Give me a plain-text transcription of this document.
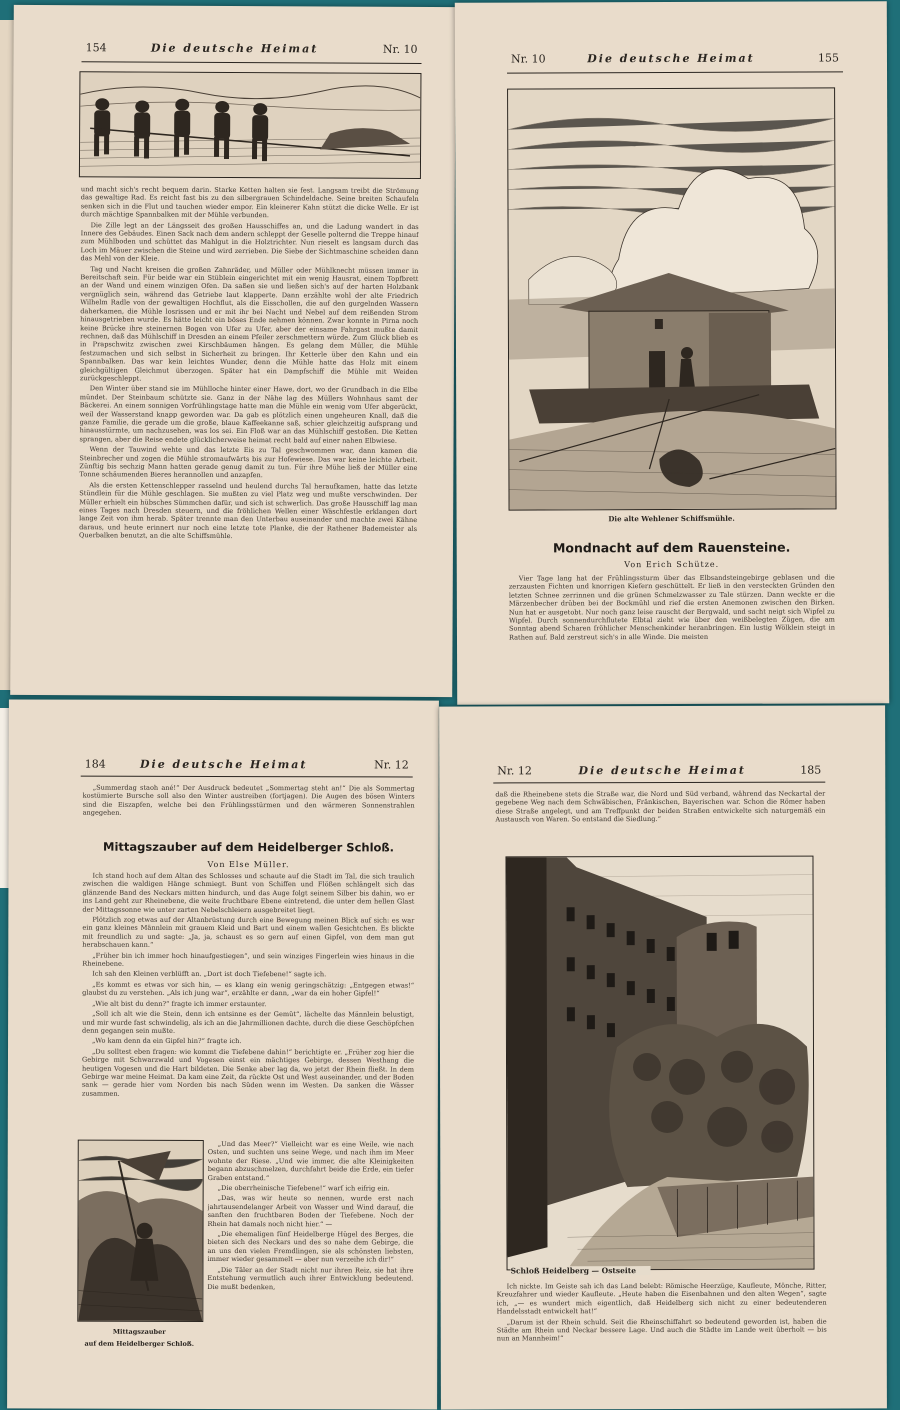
154	Die deutsche Heimat	Nr. 10

und macht sich's recht bequem darin. Starke Ketten halten sie fest. Langsam treibt die Strömung das gewaltige Rad. Es reicht fast bis zu den silbergrauen Schindeldache. Seine breiten Schaufeln senken sich in die Flut und tauchen wieder empor. Ein kleinerer Kahn stützt die dicke Welle. Er ist durch mächtige Spannbalken mit der Mühle verbunden.

Die Zille legt an der Längsseit des großen Hausschiffes an, und die Ladung wandert in das Innere des Gebäudes. Einen Sack nach dem andern schleppt der Geselle polternd die Treppe hinauf zum Mühlboden und schüttet das Mahlgut in die Holztrichter. Nun rieselt es langsam durch das Loch im Mäuer zwischen die Steine und wird zerrieben. Die Siebe der Sichtmaschine scheiden dann das Mehl von der Kleie.

Tag und Nacht kreisen die großen Zahnräder, und Müller oder Mühlknecht müssen immer in Bereitschaft sein. Für beide war ein Stüblein eingerichtet mit ein wenig Hausrat, einem Topfbrett an der Wand und einem winzigen Ofen. Da saßen sie und ließen sich's auf der harten Holzbank vergnüglich sein, während das Getriebe laut klapperte. Dann erzählte wohl der alte Friedrich Wilhelm Radle von der gewaltigen Hochflut, als die Eisschollen, die auf den gurgelnden Wassern daherkamen, die Mühle losrissen und er mit ihr bei Nacht und Nebel auf dem reißenden Strom hinausgetrieben wurde. Es hätte leicht ein böses Ende nehmen können. Zwar konnte in Pirna noch keine Brücke ihre steinernen Bogen von Ufer zu Ufer, aber der einsame Fahrgast mußte damit rechnen, daß das Mühlschiff in Dresden an einem Pfeiler zerschmettern würde. Zum Glück blieb es in Prapschwitz zwischen zwei Kirschbäumen hängen. Es gelang dem Müller, die Mühle festzumachen und sich selbst in Sicherheit zu bringen. Ihr Ketterle über den Kahn und ein Spannbalken. Das war kein leichtes Wunder, denn die Mühle hatte das Holz mit einem gleichgültigen Gleichmut überzogen. Später hat ein Dampfschiff die Mühle mit Weiden zurückgeschleppt.

Den Winter über stand sie im Mühlloche hinter einer Hawe, dort, wo der Grundbach in die Elbe mündet. Der Steinbaum schützte sie. Ganz in der Nähe lag des Müllers Wohnhaus samt der Bäckerei. An einem sonnigen Vorfrühlingstage hatte man die Mühle ein wenig vom Ufer abgerückt, weil der Wasserstand knapp geworden war. Da gab es plötzlich einen ungeheuren Knall, daß die ganze Familie, die gerade um die große, blaue Kaffeekanne saß, schier gleichzeitig aufsprang und hinausstürmte, um nachzusehen, was los sei. Ein Floß war an das Mühlschiff gestoßen. Die Ketten sprangen, aber die Reise endete glücklicherweise heimat recht bald auf einer nahen Elbwiese.

Wenn der Tauwind wehte und das letzte Eis zu Tal geschwommen war, dann kamen die Steinbrecher und zogen die Mühle stromaufwärts bis zur Hofewiese. Das war keine leichte Arbeit. Zünftig bis sechzig Mann hatten gerade genug damit zu tun. Für ihre Mühe ließ der Müller eine Tonne schäumenden Bieres herannollen und anzapfen.

Als die ersten Kettenschlepper rasselnd und heulend durchs Tal heraufkamen, hatte das letzte Stündlein für die Mühle geschlagen. Sie mußten zu viel Platz weg und mußte verschwinden. Der Müller erhielt ein hübsches Sümmchen dafür, und sich ist schwerlich. Das große Hausschiff lag man eines Tages nach Dresden steuern, und die fröhlichen Wellen einer Wäschfestle erklangen dort lange Zeit von ihm herab. Später trennte man den Unterbau auseinander und machte zwei Kähne daraus, und heute erinnert nur noch eine letzte tote Planke, die der Rathener Bademeister als Querbalken benutzt, an die alte Schiffsmühle.

Nr. 10	Die deutsche Heimat	155
Die alte Wehlener Schiffsmühle.
Mondnacht auf dem Rauensteine.
Von Erich Schütze.

Vier Tage lang hat der Frühlingssturm über das Elbsandsteingebirge geblasen und die zerzausten Fichten und knorrigen Kiefern geschüttelt. Er ließ in den versteckten Gründen den letzten Schnee zerrinnen und die grünen Schmelzwasser zu Tale stürzen. Dann weckte er die Märzenbecher drüben bei der Bockmühl und rief die ersten Anemonen zwischen den Birken. Nun hat er ausgetobt. Nur noch ganz leise rauscht der Bergwald, und sacht neigt sich Wipfel zu Wipfel. Durch sonnendurchflutete Elbtal zieht wie über den weißbelegten Zügen, die am Sonntag abend Scharen fröhlicher Menschenkinder heranbringen. Ein lustig Wölklein steigt in Rathen auf. Bald zerstreut sich's in alle Winde. Die meisten

184	Die deutsche Heimat	Nr. 12

„Summerdag staoh ané!“ Der Ausdruck bedeutet „Sommertag steht an!“ Die als Sommertag kostümierte Bursche soll also den Winter austreiben (fortjagen). Die Augen des bösen Winters sind die Eiszapfen, welche bei den Frühlingsstürmen und den wärmeren Sonnenstrahlen angegehen.

Mittagszauber auf dem Heidelberger Schloß.
Von Else Müller.

Ich stand hoch auf dem Altan des Schlosses und schaute auf die Stadt im Tal, die sich traulich zwischen die waldigen Hänge schmiegt. Bunt von Schiffen und Flößen schlängelt sich das glänzende Band des Neckars mitten hindurch, und das Auge folgt seinem Silber bis dahin, wo er ins Land geht zur Rheinebene, die weite fruchtbare Ebene eintretend, die unter dem hellen Glast der Mittagssonne wie unter zarten Nebelschleiern ausgebreitet liegt.

Plötzlich zog etwas auf der Altanbrüstung durch eine Bewegung meinen Blick auf sich: es war ein ganz kleines Männlein mit grauem Kleid und Bart und einem wallen Gesichtchen. Es blickte mit freundlich zu und sagte: „Ja, ja, schaust es so gern auf einen Gipfel, von dem man gut herabschauen kann.“

„Früher bin ich immer hoch hinaufgestiegen“, und sein winziges Fingerlein wies hinaus in die Rheinebene.

Ich sah den Kleinen verblüfft an. „Dort ist doch Tiefebene!“ sagte ich.

„Es kommt es etwas vor sich hin, — es klang ein wenig geringschätzig: „Entgegen etwas!“ glaubst du zu verstehen. „Als ich jung war“, erzählte er dann, „war da ein hoher Gipfel!“

„Wie alt bist du denn?“ fragte ich immer erstaunter.

„Soll ich alt wie die Stein, denn ich entsinne es der Gemüt“, lächelte das Männlein belustigt, und mir wurde fast schwindelig, als ich an die Jahrmillionen dachte, durch die diese Geschöpfchen denn gegangen sein mußte.

„Wo kam denn da ein Gipfel hin?“ fragte ich.

„Du solltest eben fragen: wie kommt die Tiefebene dahin!“ berichtigte er. „Früher zog hier die Gebirge mit Schwarzwald und Vogesen einst ein mächtiges Gebirge, dessen Westhang die heutigen Vogesen und die Hart bildeten. Die Senke aber lag da, wo jetzt der Rhein fließt. In dem Gebirge war meine Heimat. Da kam eine Zeit, da rückte Ost und West auseinander, und der Boden sank — gerade hier vom Norden bis nach Süden wenn im Westen. Da sanken die Wässer zusammen.

Mittagszauber
auf dem Heidelberger Schloß.

„Und das Meer?“ Vielleicht war es eine Weile, wie nach Osten, und suchten uns seine Wege, und nach ihm im Meer wohnte der Riese. „Und wie immer, die alte Kleinigkeiten begann abzuschmelzen, durchfahrt beide die Erde, ein tiefer Graben entstand.“

„Die oberrheinische Tiefebene!“ warf ich eifrig ein.

„Das, was wir heute so nennen, wurde erst nach jahrtausendelanger Arbeit von Wasser und Wind darauf, die sanften den fruchtbaren Boden der Tiefebene. Noch der Rhein hat damals noch nicht hier.“ —

„Die ehemaligen fünf Heidelberge Hügel des Berges, die bieten sich des Neckars und des so nahe dem Gebirge, die an uns den vielen Fremdlingen, sie als schönsten liebsten, immer wieder gesammelt — aber nun verzeihe ich dir!“

„Die Täler an der Stadt nicht nur ihren Reiz, sie hat ihre Entstehung vermutlich auch ihrer Entwicklung bedeutend. Die mußt bedenken,

Nr. 12	Die deutsche Heimat	185

daß die Rheinebene stets die Straße war, die Nord und Süd verband, während das Neckartal der gegebene Weg nach dem Schwäbischen, Fränkischen, Bayerischen war. Schon die Römer haben diese Straße angelegt, und am Treffpunkt der beiden Straßen entwickelte sich naturgemäß ein Austausch von Waren. So entstand die Siedlung.“

Schloß Heidelberg — Ostseite

Ich nickte. Im Geiste sah ich das Land belebt: Römische Heerzüge, Kaufleute, Mönche, Ritter, Kreuzfahrer und wieder Kaufleute. „Heute haben die Eisenbahnen und den alten Wegen“, sagte ich, „— es wundert mich eigentlich, daß Heidelberg sich nicht zu einer bedeutenderen Handelsstadt entwickelt hat!“

„Darum ist der Rhein schuld. Seit die Rheinschiffahrt so bedeutend geworden ist, haben die Städte am Rhein und Neckar bessere Lage. Und auch die Städte im Lande weit überholt — bis nun an Mannheim!“
